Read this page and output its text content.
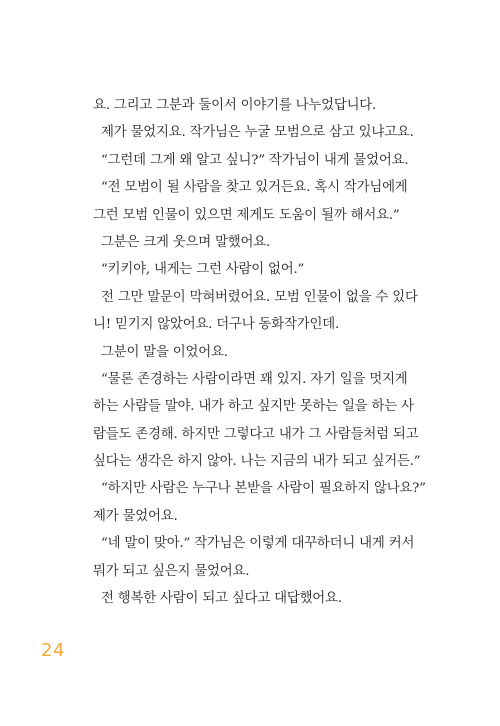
요. 그리고 그분과 둘이서 이야기를 나누었답니다.
제가 물었지요. 작가님은 누굴 모범으로 삼고 있냐고요.
“그런데 그게 왜 알고 싶니?” 작가님이 내게 물었어요.
“전 모범이 될 사람을 찾고 있거든요. 혹시 작가님에게
그런 모범 인물이 있으면 제게도 도움이 될까 해서요.”
그분은 크게 웃으며 말했어요.
“키키야, 내게는 그런 사람이 없어.”
전 그만 말문이 막혀버렸어요. 모범 인물이 없을 수 있다
니! 믿기지 않았어요. 더구나 동화작가인데.
그분이 말을 이었어요.
“물론 존경하는 사람이라면 꽤 있지. 자기 일을 멋지게
하는 사람들 말야. 내가 하고 싶지만 못하는 일을 하는 사
람들도 존경해. 하지만 그렇다고 내가 그 사람들처럼 되고
싶다는 생각은 하지 않아. 나는 지금의 내가 되고 싶거든.”
“하지만 사람은 누구나 본받을 사람이 필요하지 않나요?”
제가 물었어요.
“네 말이 맞아.” 작가님은 이렇게 대꾸하더니 내게 커서
뭐가 되고 싶은지 물었어요.
전 행복한 사람이 되고 싶다고 대답했어요.
24
